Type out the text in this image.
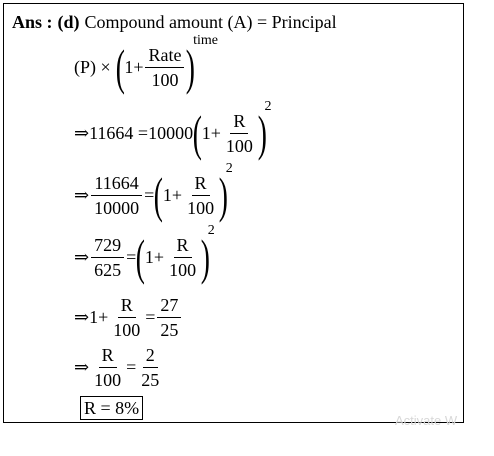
Ans : (d) Compound amount (A) = Principal
(P) × ( $1+ \frac{\text{Rate}}{100}$ )
time
⇒ 11664 =10000 ( $1+ \frac{R}{100}$ )
2
⇒ $\frac{11664}{10000}$ = ( $1+ \frac{R}{100}$ )
2
⇒ $\frac{729}{625}$ = ( $1+ \frac{R}{100}$ )
2
⇒ $1+ \frac{R}{100} = \frac{27}{25}$
⇒ $\frac{R}{100} = \frac{2}{25}$
R = 8%
Activate W
